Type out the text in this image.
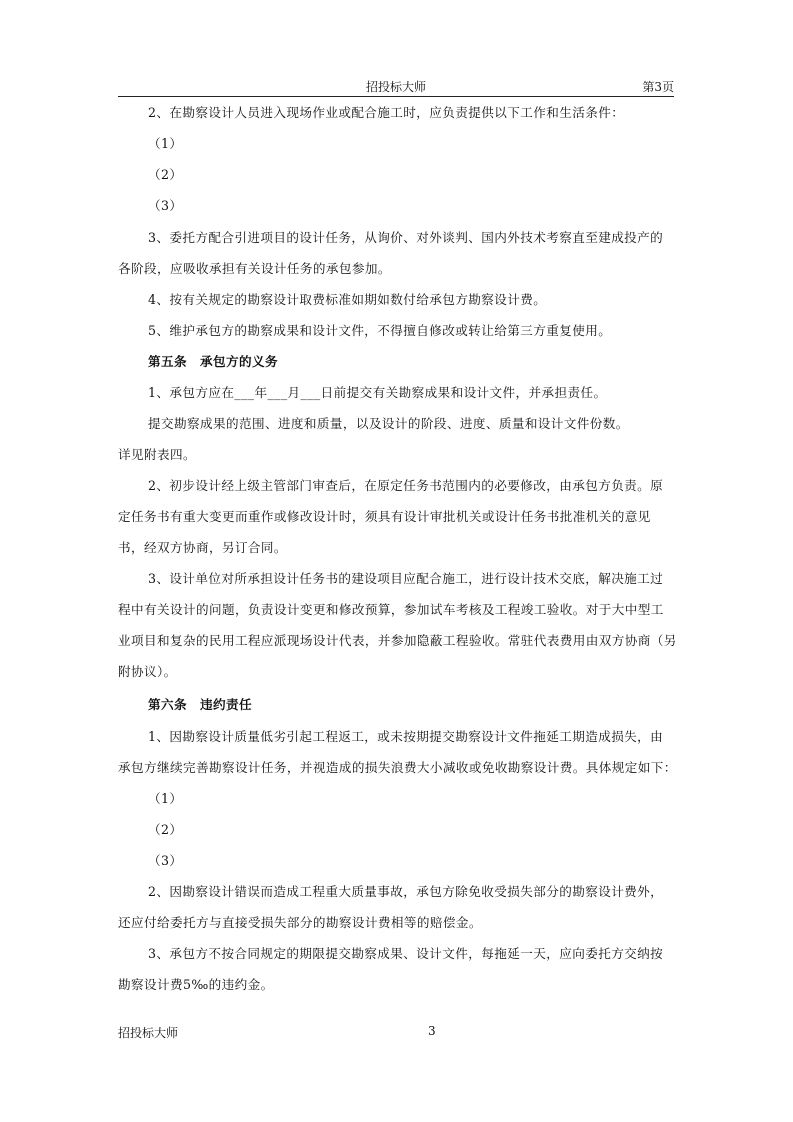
招投标大师	第3页
2、在勘察设计人员进入现场作业或配合施工时，应负责提供以下工作和生活条件：
（1）
（2）
（3）
3、委托方配合引进项目的设计任务，从询价、对外谈判、国内外技术考察直至建成投产的
各阶段，应吸收承担有关设计任务的承包参加。
4、按有关规定的勘察设计取费标准如期如数付给承包方勘察设计费。
5、维护承包方的勘察成果和设计文件，不得擅自修改或转让给第三方重复使用。
第五条　承包方的义务
1、承包方应在___年___月___日前提交有关勘察成果和设计文件，并承担责任。
提交勘察成果的范围、进度和质量，以及设计的阶段、进度、质量和设计文件份数。
详见附表四。
2、初步设计经上级主管部门审查后，在原定任务书范围内的必要修改，由承包方负责。原
定任务书有重大变更而重作或修改设计时，须具有设计审批机关或设计任务书批准机关的意见
书，经双方协商，另订合同。
3、设计单位对所承担设计任务书的建设项目应配合施工，进行设计技术交底，解决施工过
程中有关设计的问题，负责设计变更和修改预算，参加试车考核及工程竣工验收。对于大中型工
业项目和复杂的民用工程应派现场设计代表，并参加隐蔽工程验收。常驻代表费用由双方协商（另
附协议）。
第六条　违约责任
1、因勘察设计质量低劣引起工程返工，或未按期提交勘察设计文件拖延工期造成损失，由
承包方继续完善勘察设计任务，并视造成的损失浪费大小减收或免收勘察设计费。具体规定如下：
（1）
（2）
（3）
2、因勘察设计错误而造成工程重大质量事故，承包方除免收受损失部分的勘察设计费外，
还应付给委托方与直接受损失部分的勘察设计费相等的赔偿金。
3、承包方不按合同规定的期限提交勘察成果、设计文件，每拖延一天，应向委托方交纳按
勘察设计费5‰的违约金。
招投标大师	3
